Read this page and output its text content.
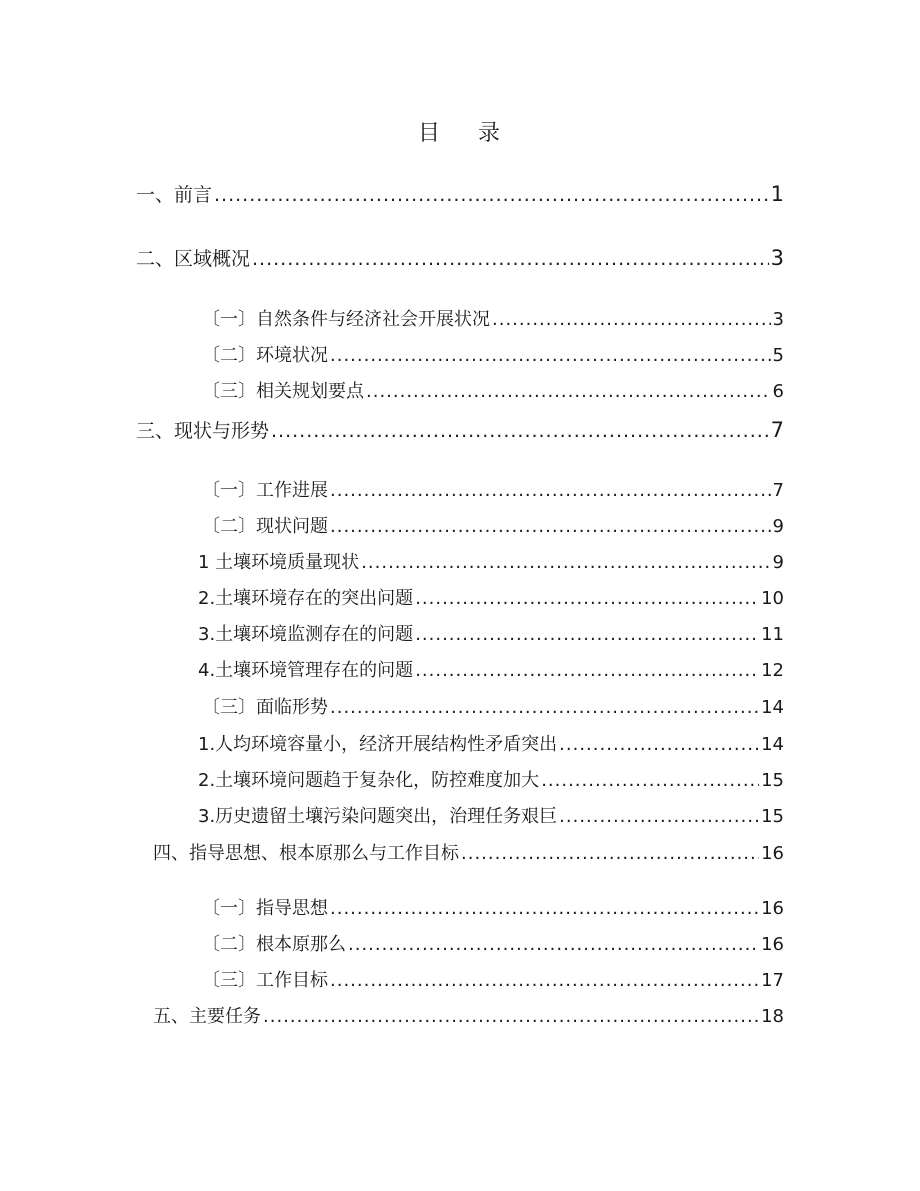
目 录
一、前言 .....	1
二、区域概况 .....	3
〔一〕自然条件与经济社会开展状况 .....	3
〔二〕环境状况 .....	5
〔三〕相关规划要点 .....	6
三、现状与形势 .....	7
〔一〕工作进展 .....	7
〔二〕现状问题 .....	9
1 土壤环境质量现状 .....	9
2.土壤环境存在的突出问题 .....	10
3.土壤环境监测存在的问题 .....	11
4.土壤环境管理存在的问题 .....	12
〔三〕面临形势 .....	14
1.人均环境容量小，经济开展结构性矛盾突出 .....	14
2.土壤环境问题趋于复杂化，防控难度加大 .....	15
3.历史遗留土壤污染问题突出，治理任务艰巨 .....	15
四、指导思想、根本原那么与工作目标 .....	16
〔一〕指导思想 .....	16
〔二〕根本原那么 .....	16
〔三〕工作目标 .....	17
五、主要任务 .....	18
